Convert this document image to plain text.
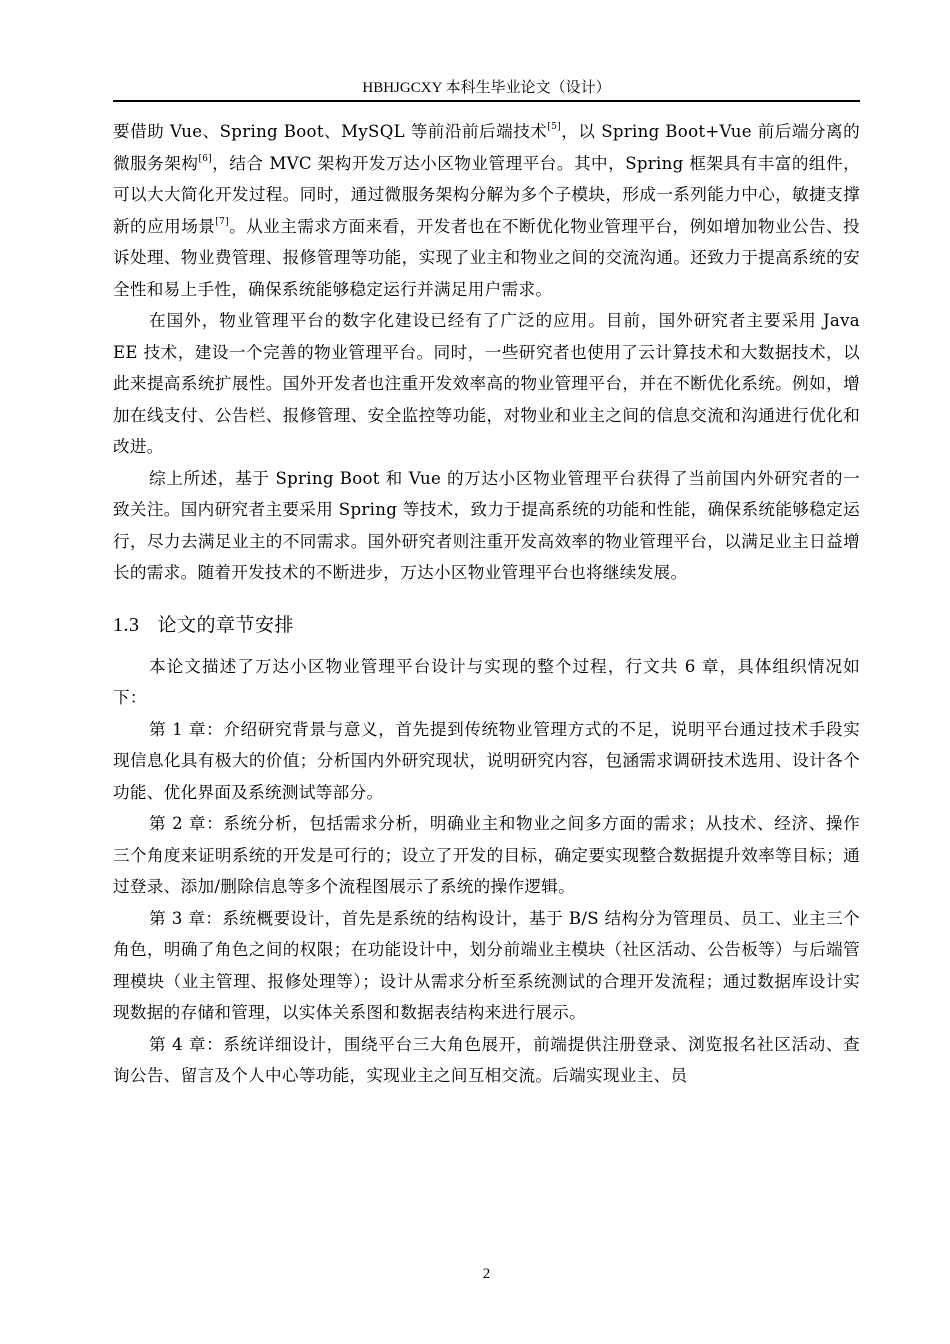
HBHJGCXY 本科生毕业论文（设计）

要借助 Vue、Spring Boot、MySQL 等前沿前后端技术[5]，以 Spring Boot+Vue 前后端分离的微服务架构[6]，结合 MVC 架构开发万达小区物业管理平台。其中，Spring 框架具有丰富的组件，可以大大简化开发过程。同时，通过微服务架构分解为多个子模块，形成一系列能力中心，敏捷支撑新的应用场景[7]。从业主需求方面来看，开发者也在不断优化物业管理平台，例如增加物业公告、投诉处理、物业费管理、报修管理等功能，实现了业主和物业之间的交流沟通。还致力于提高系统的安全性和易上手性，确保系统能够稳定运行并满足用户需求。

在国外，物业管理平台的数字化建设已经有了广泛的应用。目前，国外研究者主要采用 Java EE 技术，建设一个完善的物业管理平台。同时，一些研究者也使用了云计算技术和大数据技术，以此来提高系统扩展性。国外开发者也注重开发效率高的物业管理平台，并在不断优化系统。例如，增加在线支付、公告栏、报修管理、安全监控等功能，对物业和业主之间的信息交流和沟通进行优化和改进。

综上所述，基于 Spring Boot 和 Vue 的万达小区物业管理平台获得了当前国内外研究者的一致关注。国内研究者主要采用 Spring 等技术，致力于提高系统的功能和性能，确保系统能够稳定运行，尽力去满足业主的不同需求。国外研究者则注重开发高效率的物业管理平台，以满足业主日益增长的需求。随着开发技术的不断进步，万达小区物业管理平台也将继续发展。

1.3 论文的章节安排

本论文描述了万达小区物业管理平台设计与实现的整个过程，行文共 6 章，具体组织情况如下：

第 1 章：介绍研究背景与意义，首先提到传统物业管理方式的不足，说明平台通过技术手段实现信息化具有极大的价值；分析国内外研究现状，说明研究内容，包涵需求调研技术选用、设计各个功能、优化界面及系统测试等部分。

第 2 章：系统分析，包括需求分析，明确业主和物业之间多方面的需求；从技术、经济、操作三个角度来证明系统的开发是可行的；设立了开发的目标，确定要实现整合数据提升效率等目标；通过登录、添加/删除信息等多个流程图展示了系统的操作逻辑。

第 3 章：系统概要设计，首先是系统的结构设计，基于 B/S 结构分为管理员、员工、业主三个角色，明确了角色之间的权限；在功能设计中，划分前端业主模块（社区活动、公告板等）与后端管理模块（业主管理、报修处理等）；设计从需求分析至系统测试的合理开发流程；通过数据库设计实现数据的存储和管理，以实体关系图和数据表结构来进行展示。

第 4 章：系统详细设计，围绕平台三大角色展开，前端提供注册登录、浏览报名社区活动、查询公告、留言及个人中心等功能，实现业主之间互相交流。后端实现业主、员

2
